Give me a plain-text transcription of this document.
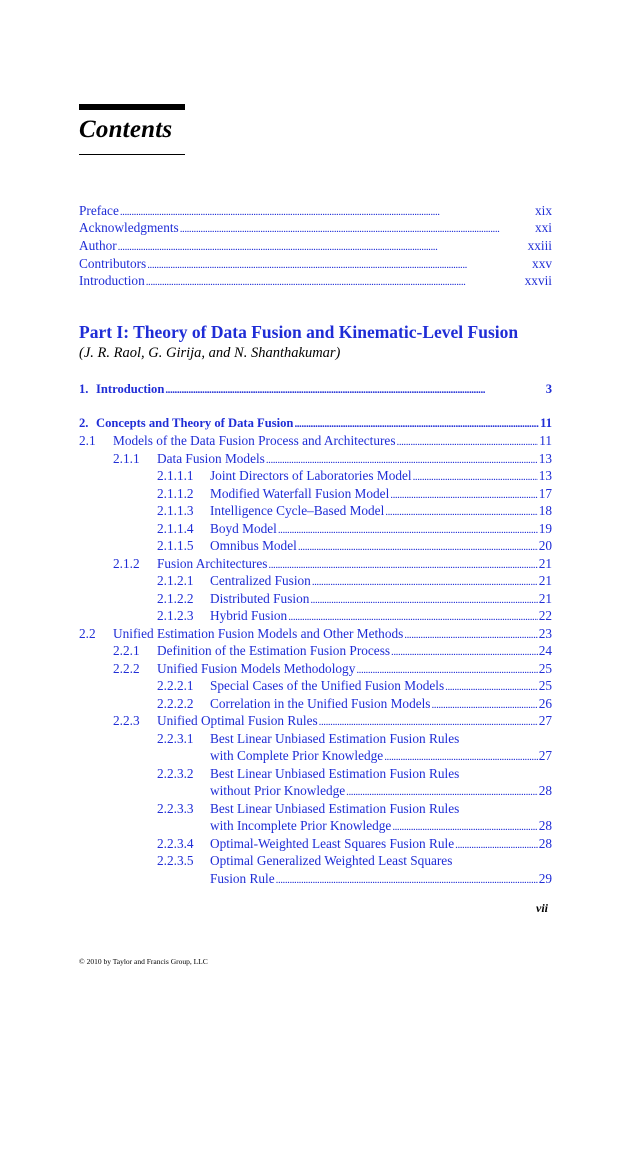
Contents
Preface . . .	xix
Acknowledgments . . .	xxi
Author . . .	xxiii
Contributors . . .	xxv
Introduction . . .	xxvii
Part I: Theory of Data Fusion and Kinematic-Level Fusion
(J. R. Raol, G. Girija, and N. Shanthakumar)
1. Introduction . . .	3
2. Concepts and Theory of Data Fusion . . .	11
2.1	Models of the Data Fusion Process and Architectures . . .	11
2.1.1	Data Fusion Models . . .	13
2.1.1.1	Joint Directors of Laboratories Model . . .	13
2.1.1.2	Modified Waterfall Fusion Model . . .	17
2.1.1.3	Intelligence Cycle–Based Model . . .	18
2.1.1.4	Boyd Model . . .	19
2.1.1.5	Omnibus Model . . .	20
2.1.2	Fusion Architectures . . .	21
2.1.2.1	Centralized Fusion . . .	21
2.1.2.2	Distributed Fusion . . .	21
2.1.2.3	Hybrid Fusion . . .	22
2.2	Unified Estimation Fusion Models and Other Methods . . .	23
2.2.1	Definition of the Estimation Fusion Process . . .	24
2.2.2	Unified Fusion Models Methodology . . .	25
2.2.2.1	Special Cases of the Unified Fusion Models . . .	25
2.2.2.2	Correlation in the Unified Fusion Models . . .	26
2.2.3	Unified Optimal Fusion Rules . . .	27
2.2.3.1 Best Linear Unbiased Estimation Fusion Rules
with Complete Prior Knowledge . . .	27
2.2.3.2 Best Linear Unbiased Estimation Fusion Rules
without Prior Knowledge . . .	28
2.2.3.3 Best Linear Unbiased Estimation Fusion Rules
with Incomplete Prior Knowledge . . .	28
2.2.3.4	Optimal-Weighted Least Squares Fusion Rule . . .	28
2.2.3.5 Optimal Generalized Weighted Least Squares
Fusion Rule . . .	29
vii
© 2010 by Taylor and Francis Group, LLC
